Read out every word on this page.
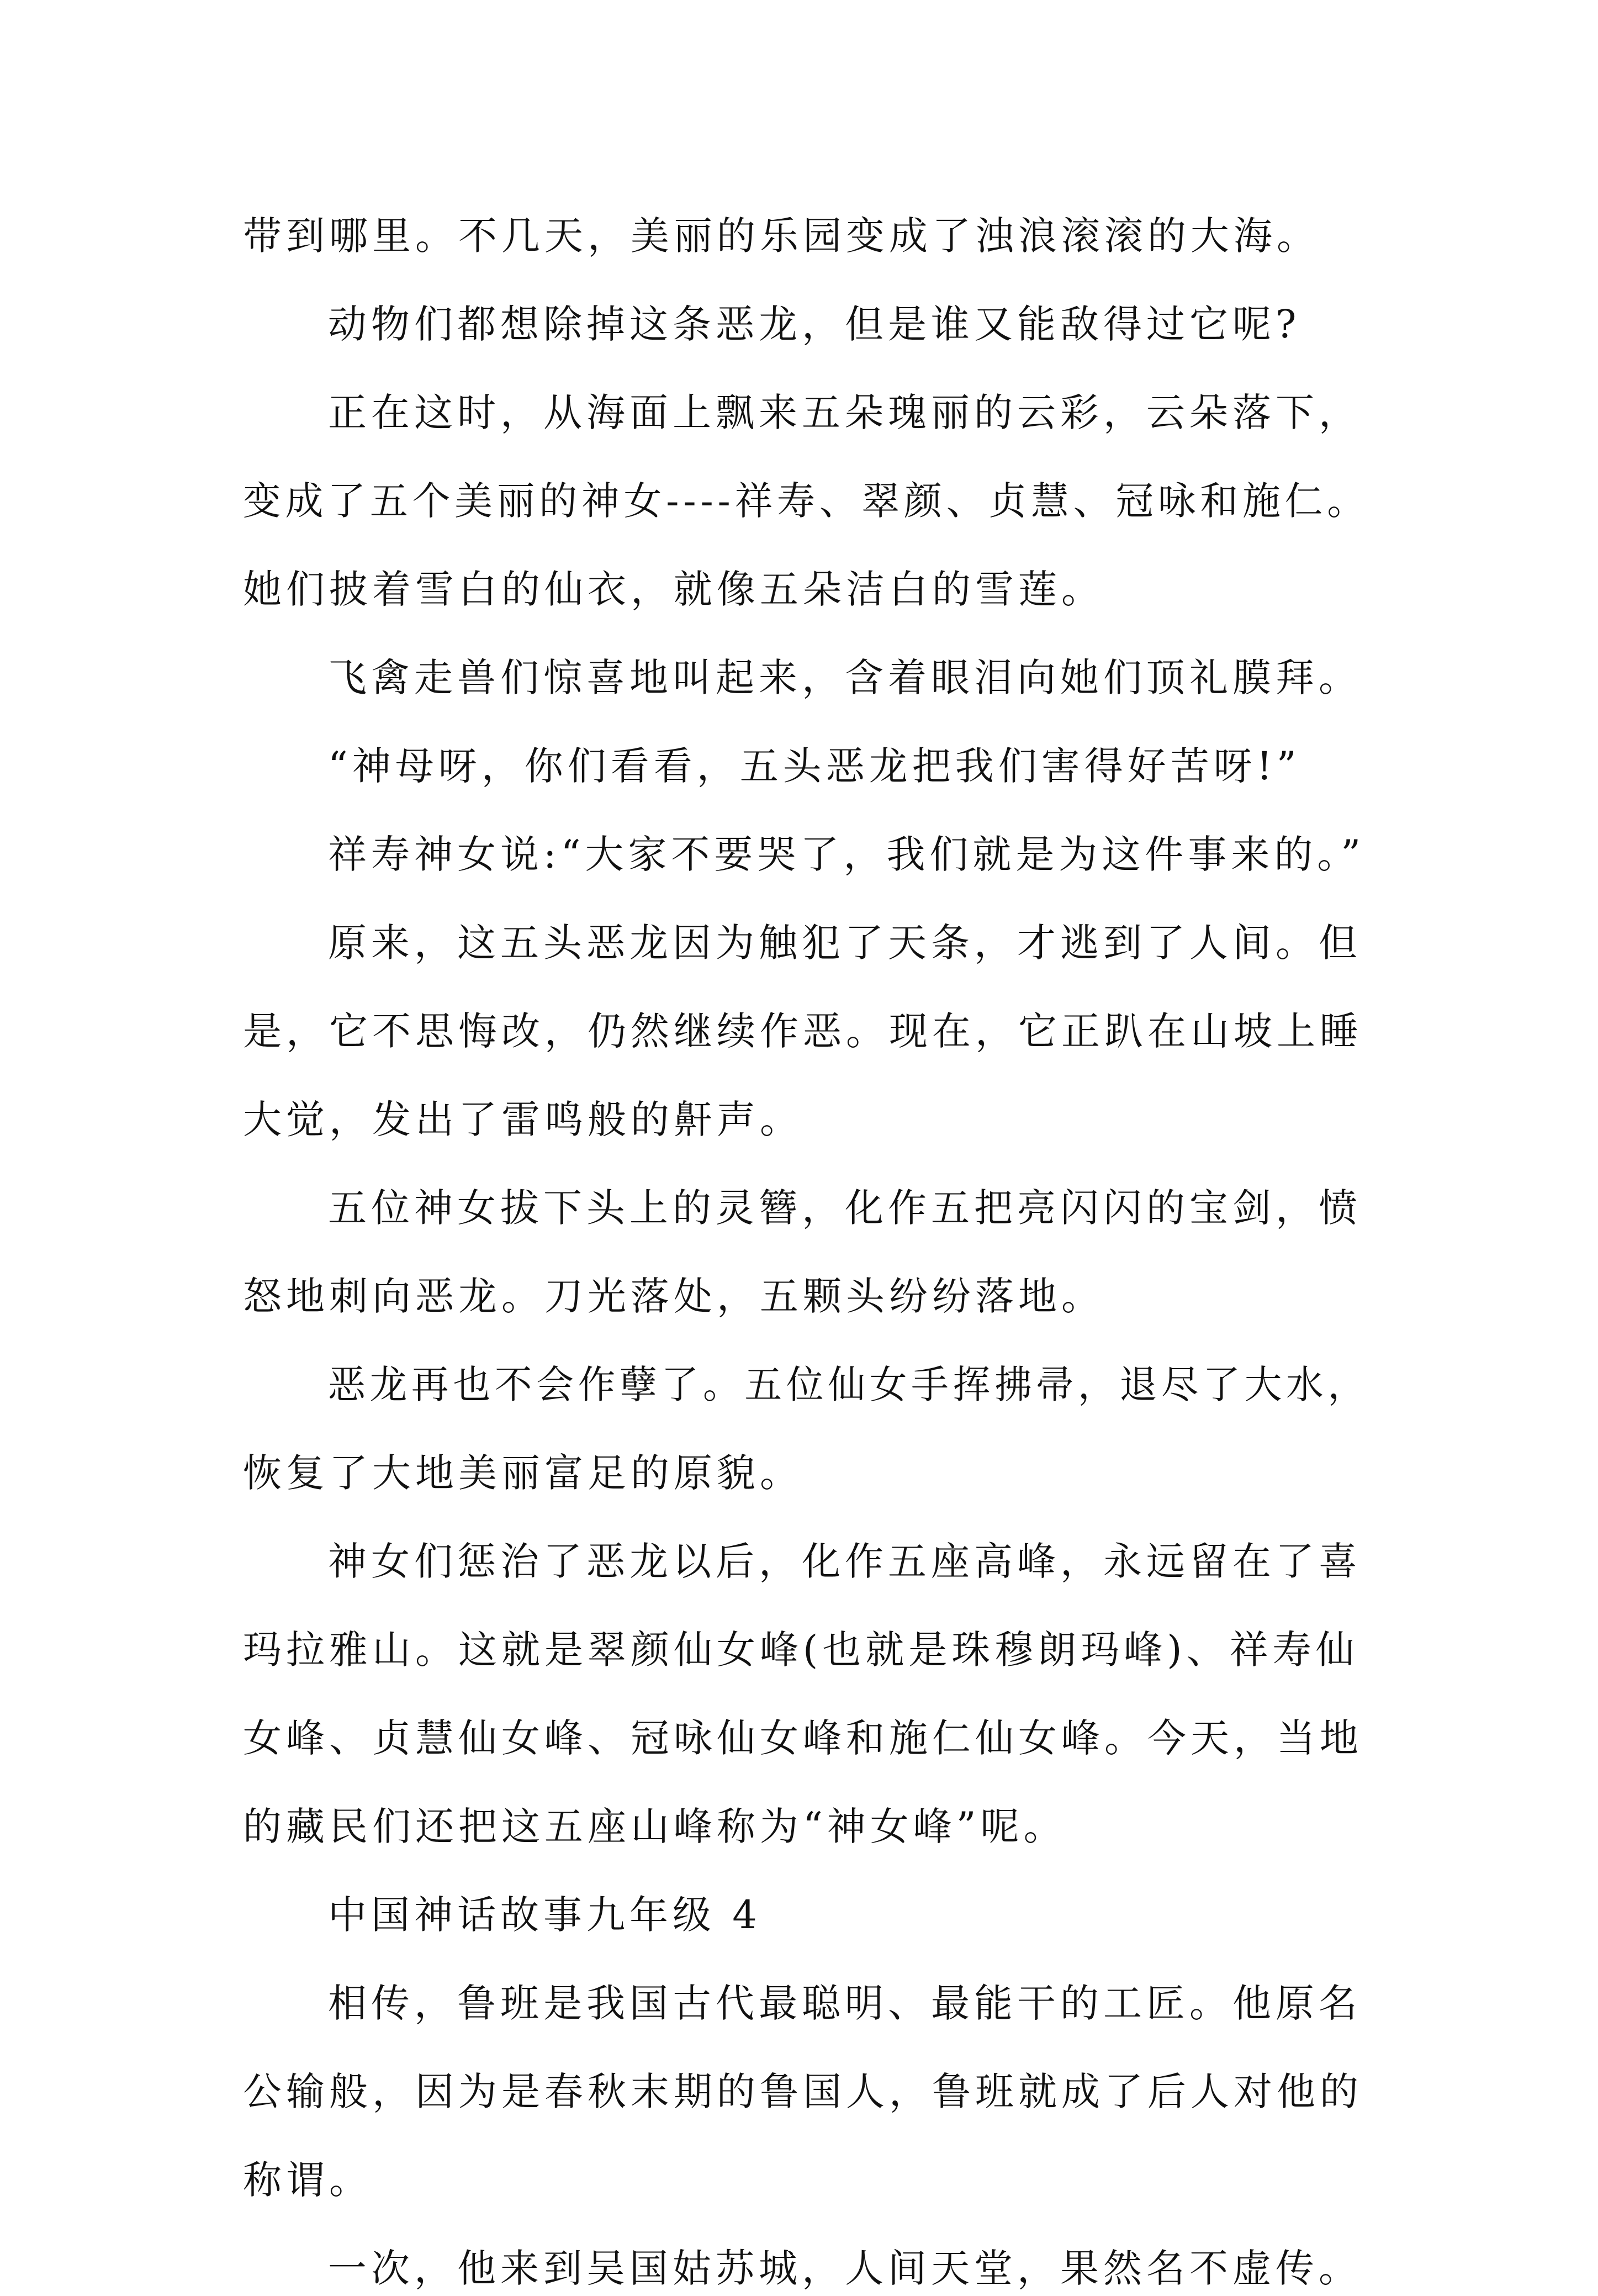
带到哪里。不几天，美丽的乐园变成了浊浪滚滚的大海。
动物们都想除掉这条恶龙，但是谁又能敌得过它呢?
正在这时，从海面上飘来五朵瑰丽的云彩，云朵落下，
变成了五个美丽的神女----祥寿、翠颜、贞慧、冠咏和施仁。
她们披着雪白的仙衣，就像五朵洁白的雪莲。
飞禽走兽们惊喜地叫起来，含着眼泪向她们顶礼膜拜。
“神母呀，你们看看，五头恶龙把我们害得好苦呀!”
祥寿神女说:“大家不要哭了，我们就是为这件事来的。”
原来，这五头恶龙因为触犯了天条，才逃到了人间。但
是，它不思悔改，仍然继续作恶。现在，它正趴在山坡上睡
大觉，发出了雷鸣般的鼾声。
五位神女拔下头上的灵簪，化作五把亮闪闪的宝剑，愤
怒地刺向恶龙。刀光落处，五颗头纷纷落地。
恶龙再也不会作孽了。五位仙女手挥拂帚，退尽了大水，
恢复了大地美丽富足的原貌。
神女们惩治了恶龙以后，化作五座高峰，永远留在了喜
玛拉雅山。这就是翠颜仙女峰(也就是珠穆朗玛峰)、祥寿仙
女峰、贞慧仙女峰、冠咏仙女峰和施仁仙女峰。今天，当地
的藏民们还把这五座山峰称为“神女峰”呢。
中国神话故事九年级 4
相传，鲁班是我国古代最聪明、最能干的工匠。他原名
公输般，因为是春秋末期的鲁国人，鲁班就成了后人对他的
称谓。
一次，他来到吴国姑苏城，人间天堂，果然名不虚传。
